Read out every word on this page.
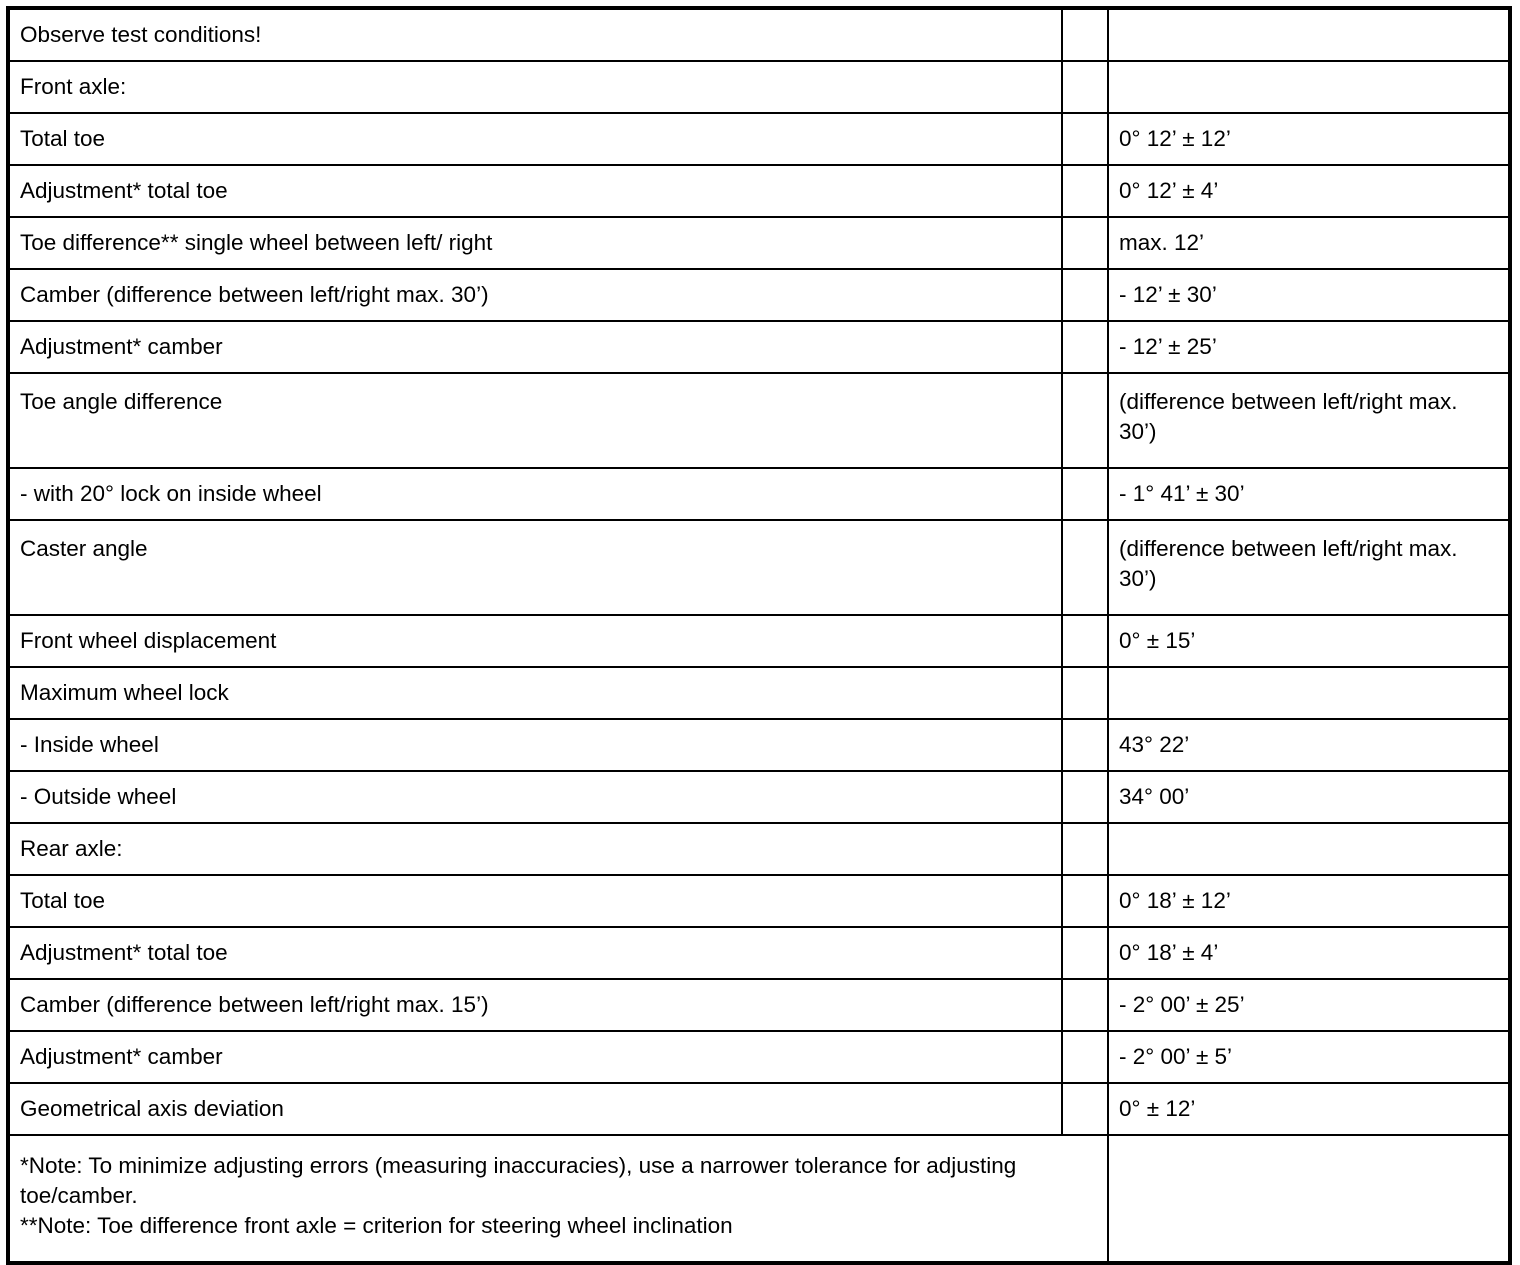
Observe test conditions!		
Front axle:		
Total toe		0° 12’ ± 12’
Adjustment* total toe		0° 12’ ± 4’
Toe difference** single wheel between left/ right		max. 12’
Camber (difference between left/right max. 30’)		- 12’ ± 30’
Adjustment* camber		- 12’ ± 25’
Toe angle difference		(difference between left/right max. 30’)
- with 20° lock on inside wheel		- 1° 41’ ± 30’
Caster angle		(difference between left/right max. 30’)
Front wheel displacement		0° ± 15’
Maximum wheel lock		
- Inside wheel		43° 22’
- Outside wheel		34° 00’
Rear axle:		
Total toe		0° 18’ ± 12’
Adjustment* total toe		0° 18’ ± 4’
Camber (difference between left/right max. 15’)		- 2° 00’ ± 25’
Adjustment* camber		- 2° 00’ ± 5’
Geometrical axis deviation		0° ± 12’

*Note: To minimize adjusting errors (measuring inaccuracies), use a narrower tolerance for adjusting toe/camber.
**Note: Toe difference front axle = criterion for steering wheel inclination		
